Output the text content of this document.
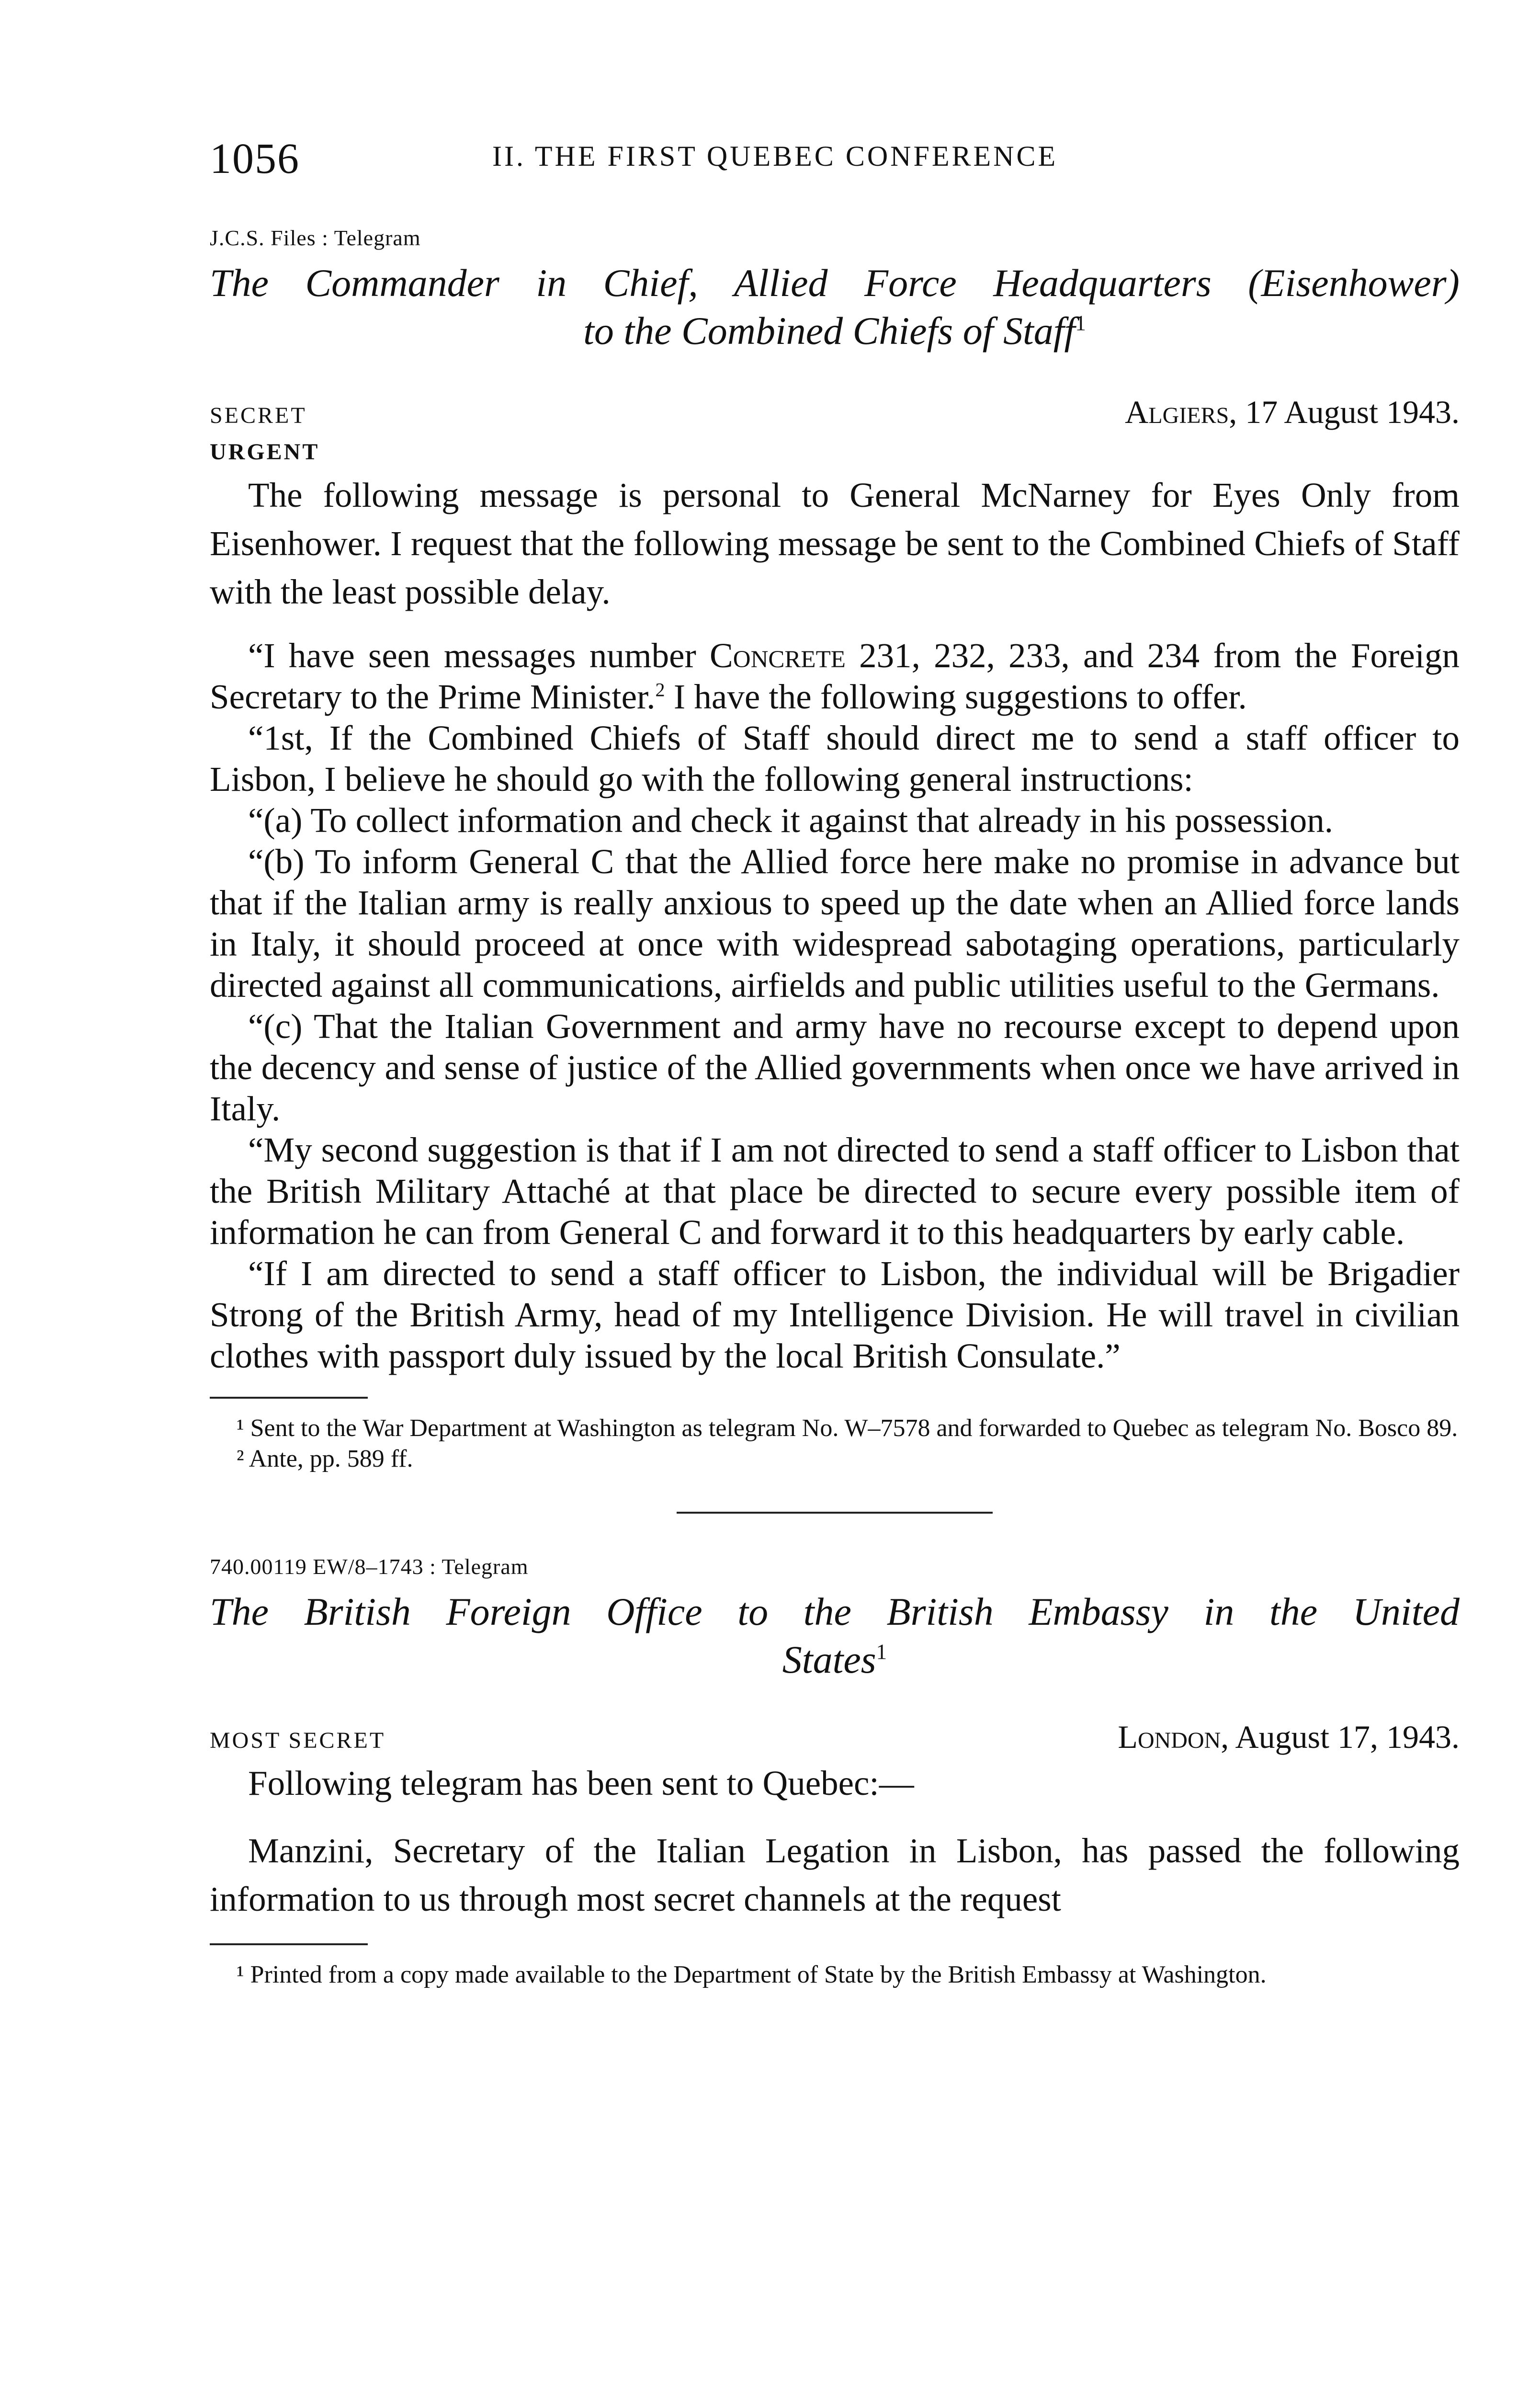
1056	II. THE FIRST QUEBEC CONFERENCE
J.C.S. Files : Telegram
The Commander in Chief, Allied Force Headquarters (Eisenhower)
to the Combined Chiefs of Staff$^1$
SECRET	Algiers, 17 August 1943.
URGENT

The following message is personal to General McNarney for Eyes Only from Eisenhower. I request that the following message be sent to the Combined Chiefs of Staff with the least possible delay.

“I have seen messages number Concrete 231, 232, 233, and 234 from the Foreign Secretary to the Prime Minister.$^2$ I have the following suggestions to offer.

“1st, If the Combined Chiefs of Staff should direct me to send a staff officer to Lisbon, I believe he should go with the following general instructions:

“(a) To collect information and check it against that already in his possession.

“(b) To inform General C that the Allied force here make no promise in advance but that if the Italian army is really anxious to speed up the date when an Allied force lands in Italy, it should proceed at once with widespread sabotaging operations, particularly directed against all communications, airfields and public utilities useful to the Germans.

“(c) That the Italian Government and army have no recourse except to depend upon the decency and sense of justice of the Allied governments when once we have arrived in Italy.

“My second suggestion is that if I am not directed to send a staff officer to Lisbon that the British Military Attaché at that place be directed to secure every possible item of information he can from General C and forward it to this headquarters by early cable.

“If I am directed to send a staff officer to Lisbon, the individual will be Brigadier Strong of the British Army, head of my Intelligence Division. He will travel in civilian clothes with passport duly issued by the local British Consulate.”

¹ Sent to the War Department at Washington as telegram No. W–7578 and forwarded to Quebec as telegram No. Bosco 89.
² Ante, pp. 589 ff.
740.00119 EW/8–1743 : Telegram
The British Foreign Office to the British Embassy in the United
States$^1$
MOST SECRET	London, August 17, 1943.

Following telegram has been sent to Quebec:—

Manzini, Secretary of the Italian Legation in Lisbon, has passed the following information to us through most secret channels at the request

¹ Printed from a copy made available to the Department of State by the British Embassy at Washington.
